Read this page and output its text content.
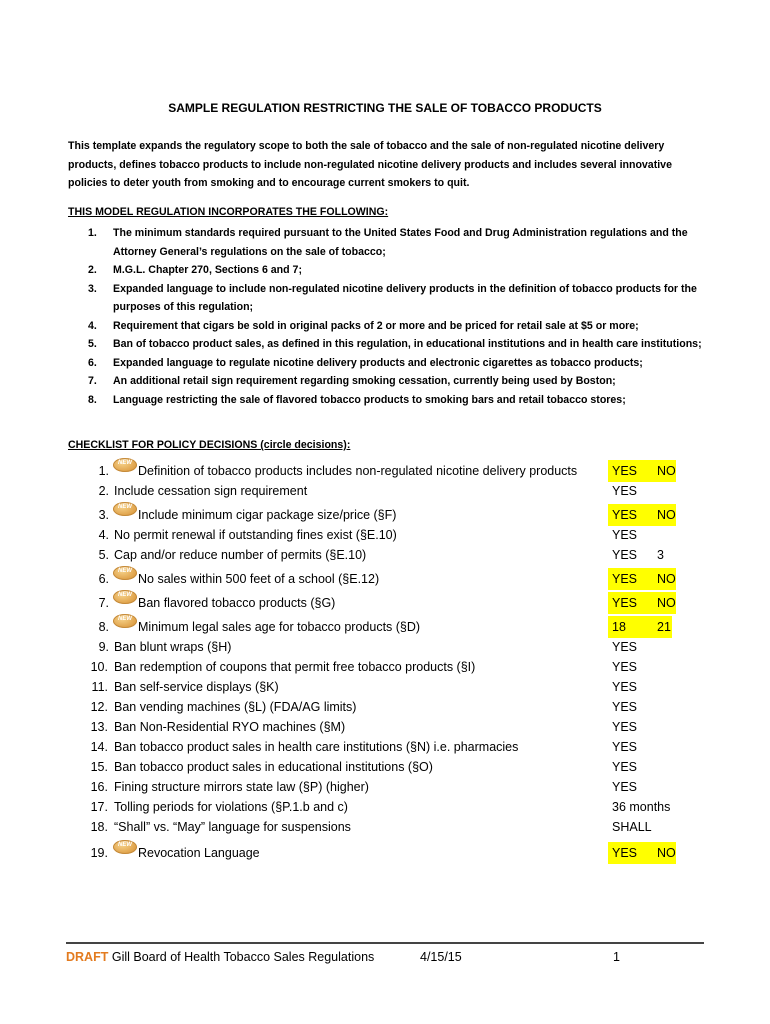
SAMPLE REGULATION RESTRICTING THE SALE OF TOBACCO PRODUCTS

This template expands the regulatory scope to both the sale of tobacco and the sale of non-regulated nicotine delivery products, defines tobacco products to include non-regulated nicotine delivery products and includes several innovative policies to deter youth from smoking and to encourage current smokers to quit.

THIS MODEL REGULATION INCORPORATES THE FOLLOWING:
1.	The minimum standards required pursuant to the United States Food and Drug Administration regulations and the Attorney General’s regulations on the sale of tobacco;
2.	M.G.L. Chapter 270, Sections 6 and 7;
3.	Expanded language to include non-regulated nicotine delivery products in the definition of tobacco products for the purposes of this regulation;
4.	Requirement that cigars be sold in original packs of 2 or more and be priced for retail sale at $5 or more;
5.	Ban of tobacco product sales, as defined in this regulation, in educational institutions and in health care institutions;
6.	Expanded language to regulate nicotine delivery products and electronic cigarettes as tobacco products;
7.	An additional retail sign requirement regarding smoking cessation, currently being used by Boston;
8.	Language restricting the sale of flavored tobacco products to smoking bars and retail tobacco stores;
CHECKLIST FOR POLICY DECISIONS (circle decisions):
1.
NEW
Definition of tobacco products includes non-regulated nicotine delivery products	YES NO
2. Include cessation sign requirement	YES
3.
NEW
Include minimum cigar package size/price (§F)	YES NO
4. No permit renewal if outstanding fines exist (§E.10)	YES
5. Cap and/or reduce number of permits (§E.10)	YES 3
6.
NEW
No sales within 500 feet of a school (§E.12)	YES NO
7.
NEW
Ban flavored tobacco products (§G)	YES NO
8.
NEW
Minimum legal sales age for tobacco products (§D)	18 21
9. Ban blunt wraps (§H)	YES
10. Ban redemption of coupons that permit free tobacco products (§I)	YES
11. Ban self-service displays (§K)	YES
12. Ban vending machines (§L) (FDA/AG limits)	YES
13. Ban Non-Residential RYO machines (§M)	YES
14. Ban tobacco product sales in health care institutions (§N) i.e. pharmacies	YES
15. Ban tobacco product sales in educational institutions (§O)	YES
16. Fining structure mirrors state law (§P) (higher)	YES
17. Tolling periods for violations (§P.1.b and c)	36 months
18. “Shall” vs. “May” language for suspensions	SHALL
19.
NEW
Revocation Language	YES NO
DRAFT Gill Board of Health Tobacco Sales Regulations	4/15/15	1
